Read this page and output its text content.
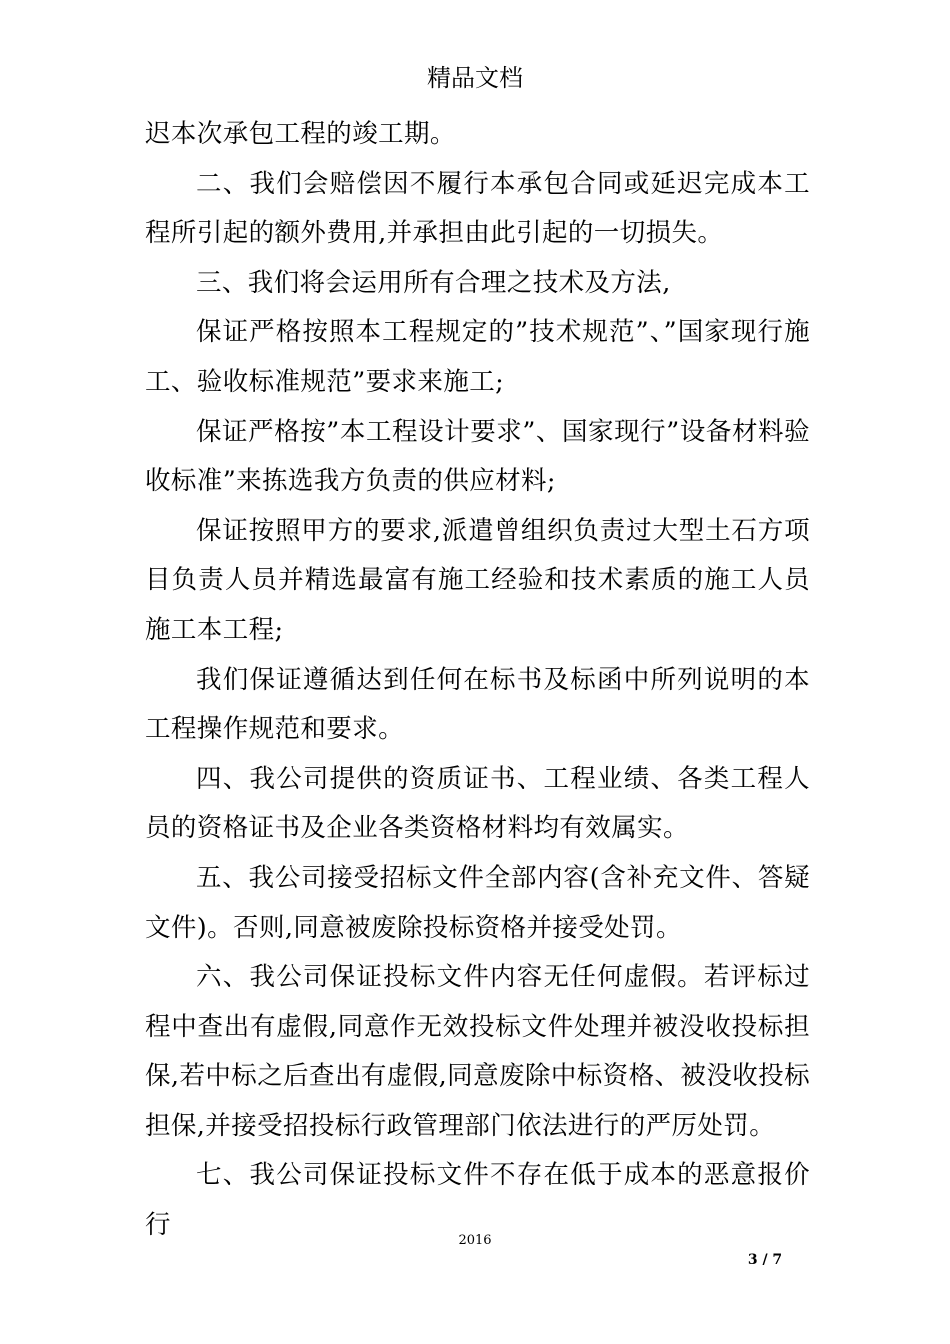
精品文档

迟本次承包工程的竣工期。

二、我们会赔偿因不履行本承包合同或延迟完成本工程所引起的额外费用,并承担由此引起的一切损失。

三、我们将会运用所有合理之技术及方法,

保证严格按照本工程规定的”技术规范”、”国家现行施工、验收标准规范”要求来施工;

保证严格按”本工程设计要求”、国家现行”设备材料验收标准”来拣选我方负责的供应材料;

保证按照甲方的要求,派遣曾组织负责过大型土石方项目负责人员并精选最富有施工经验和技术素质的施工人员施工本工程;

我们保证遵循达到任何在标书及标函中所列说明的本工程操作规范和要求。

四、我公司提供的资质证书、工程业绩、各类工程人员的资格证书及企业各类资格材料均有效属实。

五、我公司接受招标文件全部内容(含补充文件、答疑文件)。否则,同意被废除投标资格并接受处罚。

六、我公司保证投标文件内容无任何虚假。若评标过程中查出有虚假,同意作无效投标文件处理并被没收投标担保,若中标之后查出有虚假,同意废除中标资格、被没收投标担保,并接受招投标行政管理部门依法进行的严厉处罚。

七、我公司保证投标文件不存在低于成本的恶意报价行

2016
3 / 7
